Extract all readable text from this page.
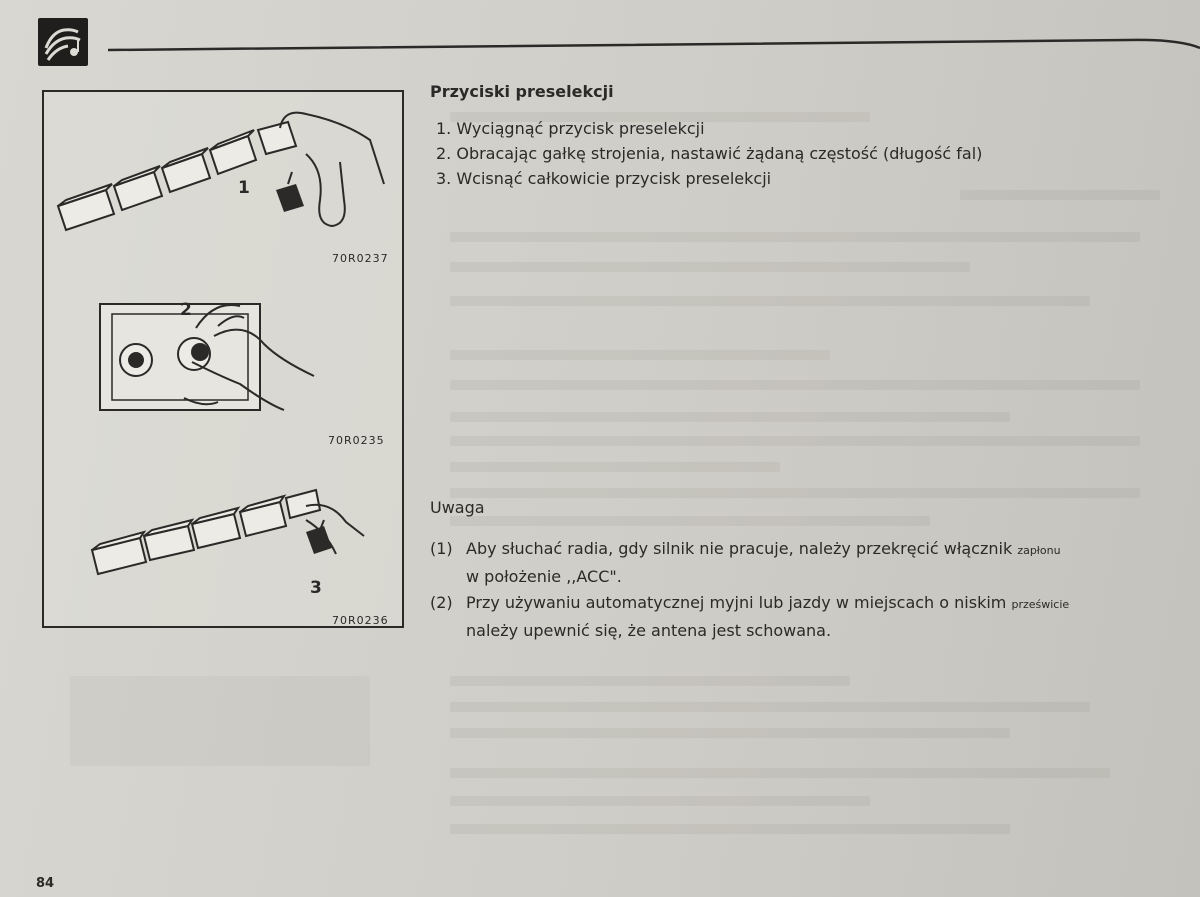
1
70R0237
2
70R0235
3
70R0236
Przyciski preselekcji
1. Wyciągnąć przycisk preselekcji
2. Obracając gałkę strojenia, nastawić żądaną częstość (długość fal)
3. Wcisnąć całkowicie przycisk preselekcji
Uwaga
(1) Aby słuchać radia, gdy silnik nie pracuje, należy przekręcić włącznik zapłonu
w położenie ,,ACC".
(2) Przy używaniu automatycznej myjni lub jazdy w miejscach o niskim prześwicie
należy upewnić się, że antena jest schowana.
84
